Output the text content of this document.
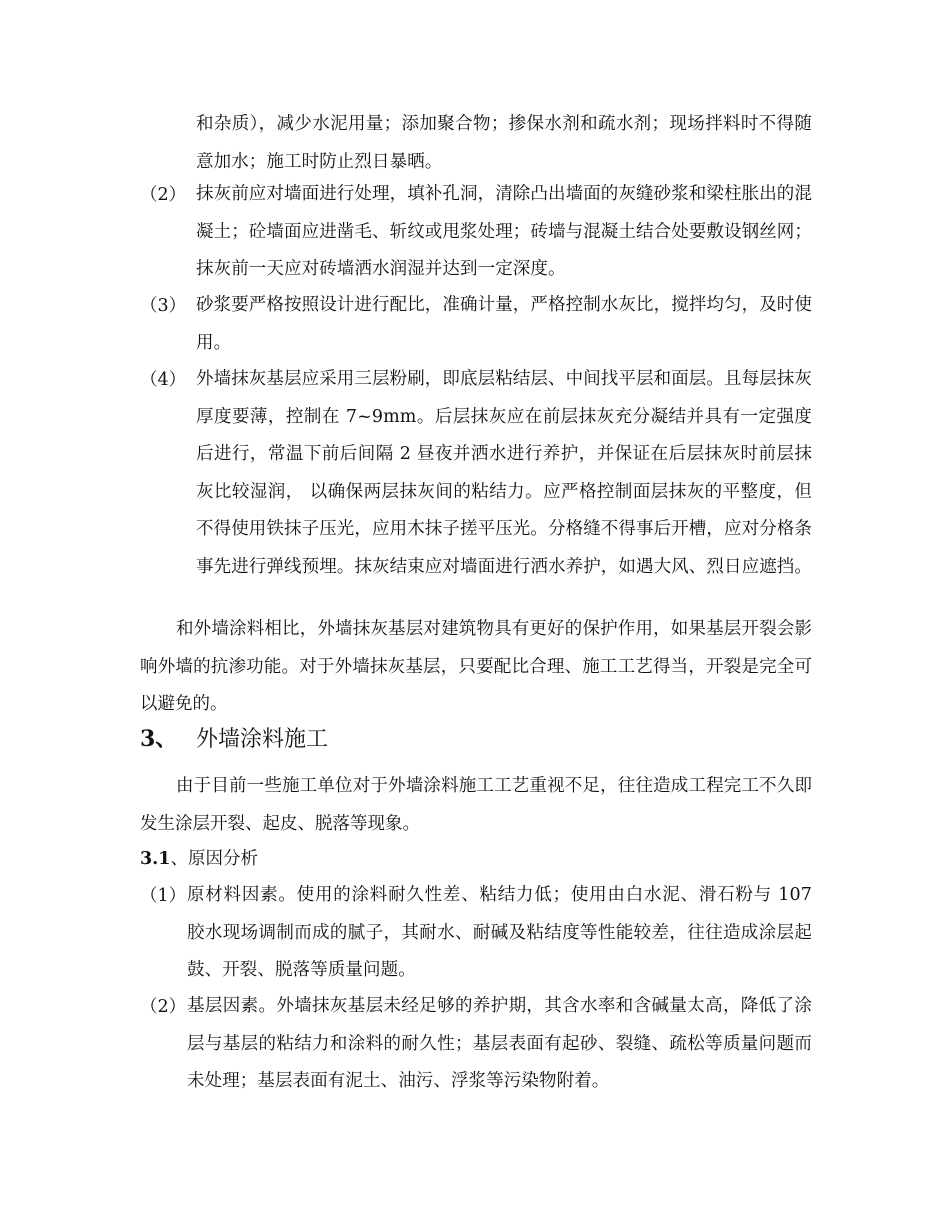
和杂质），减少水泥用量；添加聚合物；掺保水剂和疏水剂；现场拌料时不得随意加水；施工时防止烈日暴晒。
（2） 抹灰前应对墙面进行处理，填补孔洞，清除凸出墙面的灰缝砂浆和梁柱胀出的混凝土；砼墙面应进凿毛、斩纹或甩浆处理；砖墙与混凝土结合处要敷设钢丝网；抹灰前一天应对砖墙洒水润湿并达到一定深度。
（3） 砂浆要严格按照设计进行配比，准确计量，严格控制水灰比，搅拌均匀，及时使用。
（4） 外墙抹灰基层应采用三层粉刷，即底层粘结层、中间找平层和面层。且每层抹灰厚度要薄，控制在 7~9mm。后层抹灰应在前层抹灰充分凝结并具有一定强度后进行，常温下前后间隔 2 昼夜并洒水进行养护，并保证在后层抹灰时前层抹灰比较湿润， 以确保两层抹灰间的粘结力。应严格控制面层抹灰的平整度，但不得使用铁抹子压光，应用木抹子搓平压光。分格缝不得事后开槽，应对分格条事先进行弹线预埋。抹灰结束应对墙面进行洒水养护，如遇大风、烈日应遮挡。
和外墙涂料相比，外墙抹灰基层对建筑物具有更好的保护作用，如果基层开裂会影响外墙的抗渗功能。对于外墙抹灰基层，只要配比合理、施工工艺得当，开裂是完全可以避免的。
3、 外墙涂料施工
由于目前一些施工单位对于外墙涂料施工工艺重视不足，往往造成工程完工不久即发生涂层开裂、起皮、脱落等现象。
3.1、原因分析
（1） 原材料因素。使用的涂料耐久性差、粘结力低；使用由白水泥、滑石粉与 107 胶水现场调制而成的腻子，其耐水、耐碱及粘结度等性能较差，往往造成涂层起鼓、开裂、脱落等质量问题。
（2） 基层因素。外墙抹灰基层未经足够的养护期，其含水率和含碱量太高，降低了涂层与基层的粘结力和涂料的耐久性；基层表面有起砂、裂缝、疏松等质量问题而未处理；基层表面有泥土、油污、浮浆等污染物附着。
